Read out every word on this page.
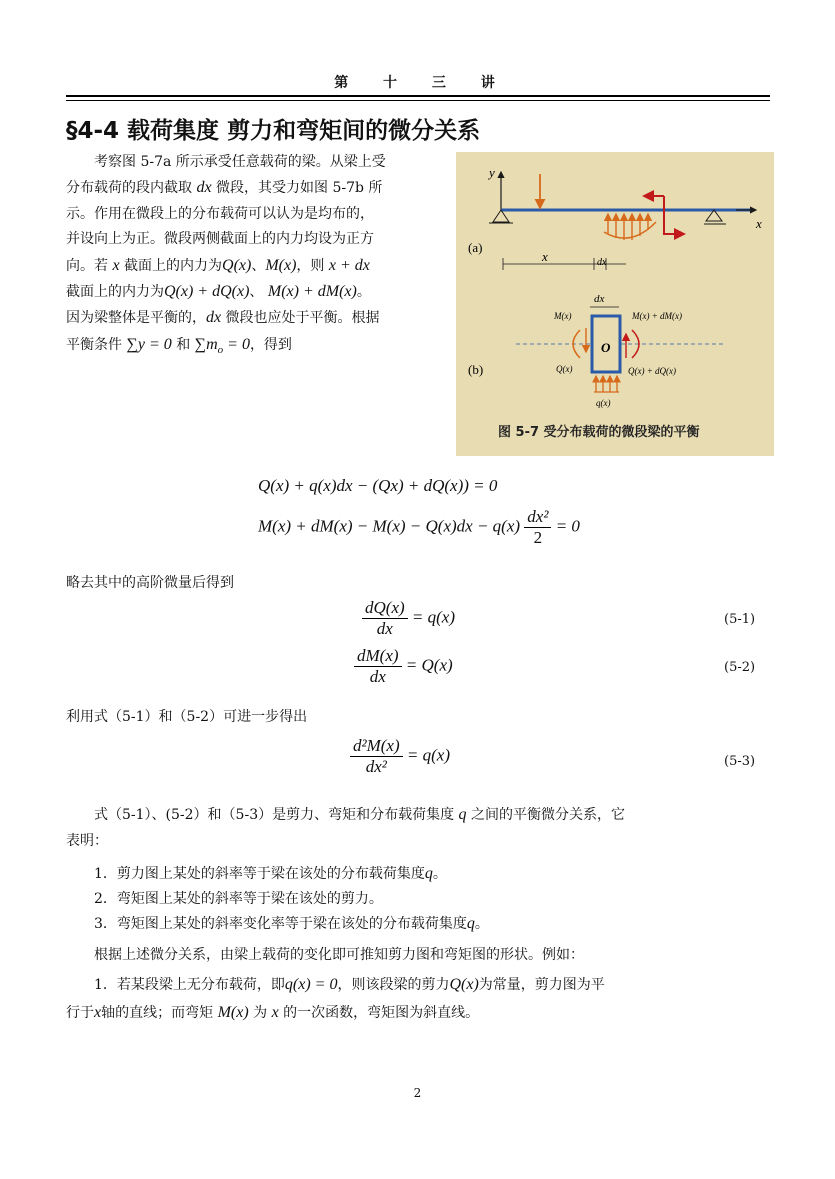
第 十 三 讲
§4-4 载荷集度 剪力和弯矩间的微分关系
考察图 5-7a 所示承受任意载荷的梁。从梁上受
分布载荷的段内截取 dx 微段，其受力如图 5-7b 所
示。作用在微段上的分布载荷可以认为是均布的，
并设向上为正。微段两侧截面上的内力均设为正方
向。若 x 截面上的内力为Q(x)、M(x)，则 x + dx
截面上的内力为Q(x) + dQ(x)、 M(x) + dM(x)。
因为梁整体是平衡的，dx 微段也应处于平衡。根据
平衡条件 ∑y = 0 和 $\sum m_o = 0$，得到
(a)
y
x
x	dx
(b)
dx
M(x)	M(x) + dM(x)
O
Q(x)	Q(x) + dQ(x)
q(x)
图 5-7 受分布载荷的微段梁的平衡
Q(x) + q(x)dx − (Qx) + dQ(x)) = 0
$M(x) + dM(x) - M(x) - Q(x)dx - q(x) \frac{\text{dx²}}{2} = 0$
略去其中的高阶微量后得到
$\frac{dQ(x)}{dx} = q(x)$	(5-1)
$\frac{dM(x)}{dx} = Q(x)$	(5-2)
利用式（5-1）和（5-2）可进一步得出
$\frac{\text{d²M(x)}}{\text{dx²}} = q(x)$	(5-3)
式（5-1）、(5-2）和（5-3）是剪力、弯矩和分布载荷集度 q 之间的平衡微分关系，它
表明：
1．剪力图上某处的斜率等于梁在该处的分布载荷集度q。
2．弯矩图上某处的斜率等于梁在该处的剪力。
3．弯矩图上某处的斜率变化率等于梁在该处的分布载荷集度q。
根据上述微分关系，由梁上载荷的变化即可推知剪力图和弯矩图的形状。例如：
1．若某段梁上无分布载荷，即q(x) = 0，则该段梁的剪力Q(x)为常量，剪力图为平
行于x轴的直线；而弯矩 M(x) 为 x 的一次函数，弯矩图为斜直线。
2
